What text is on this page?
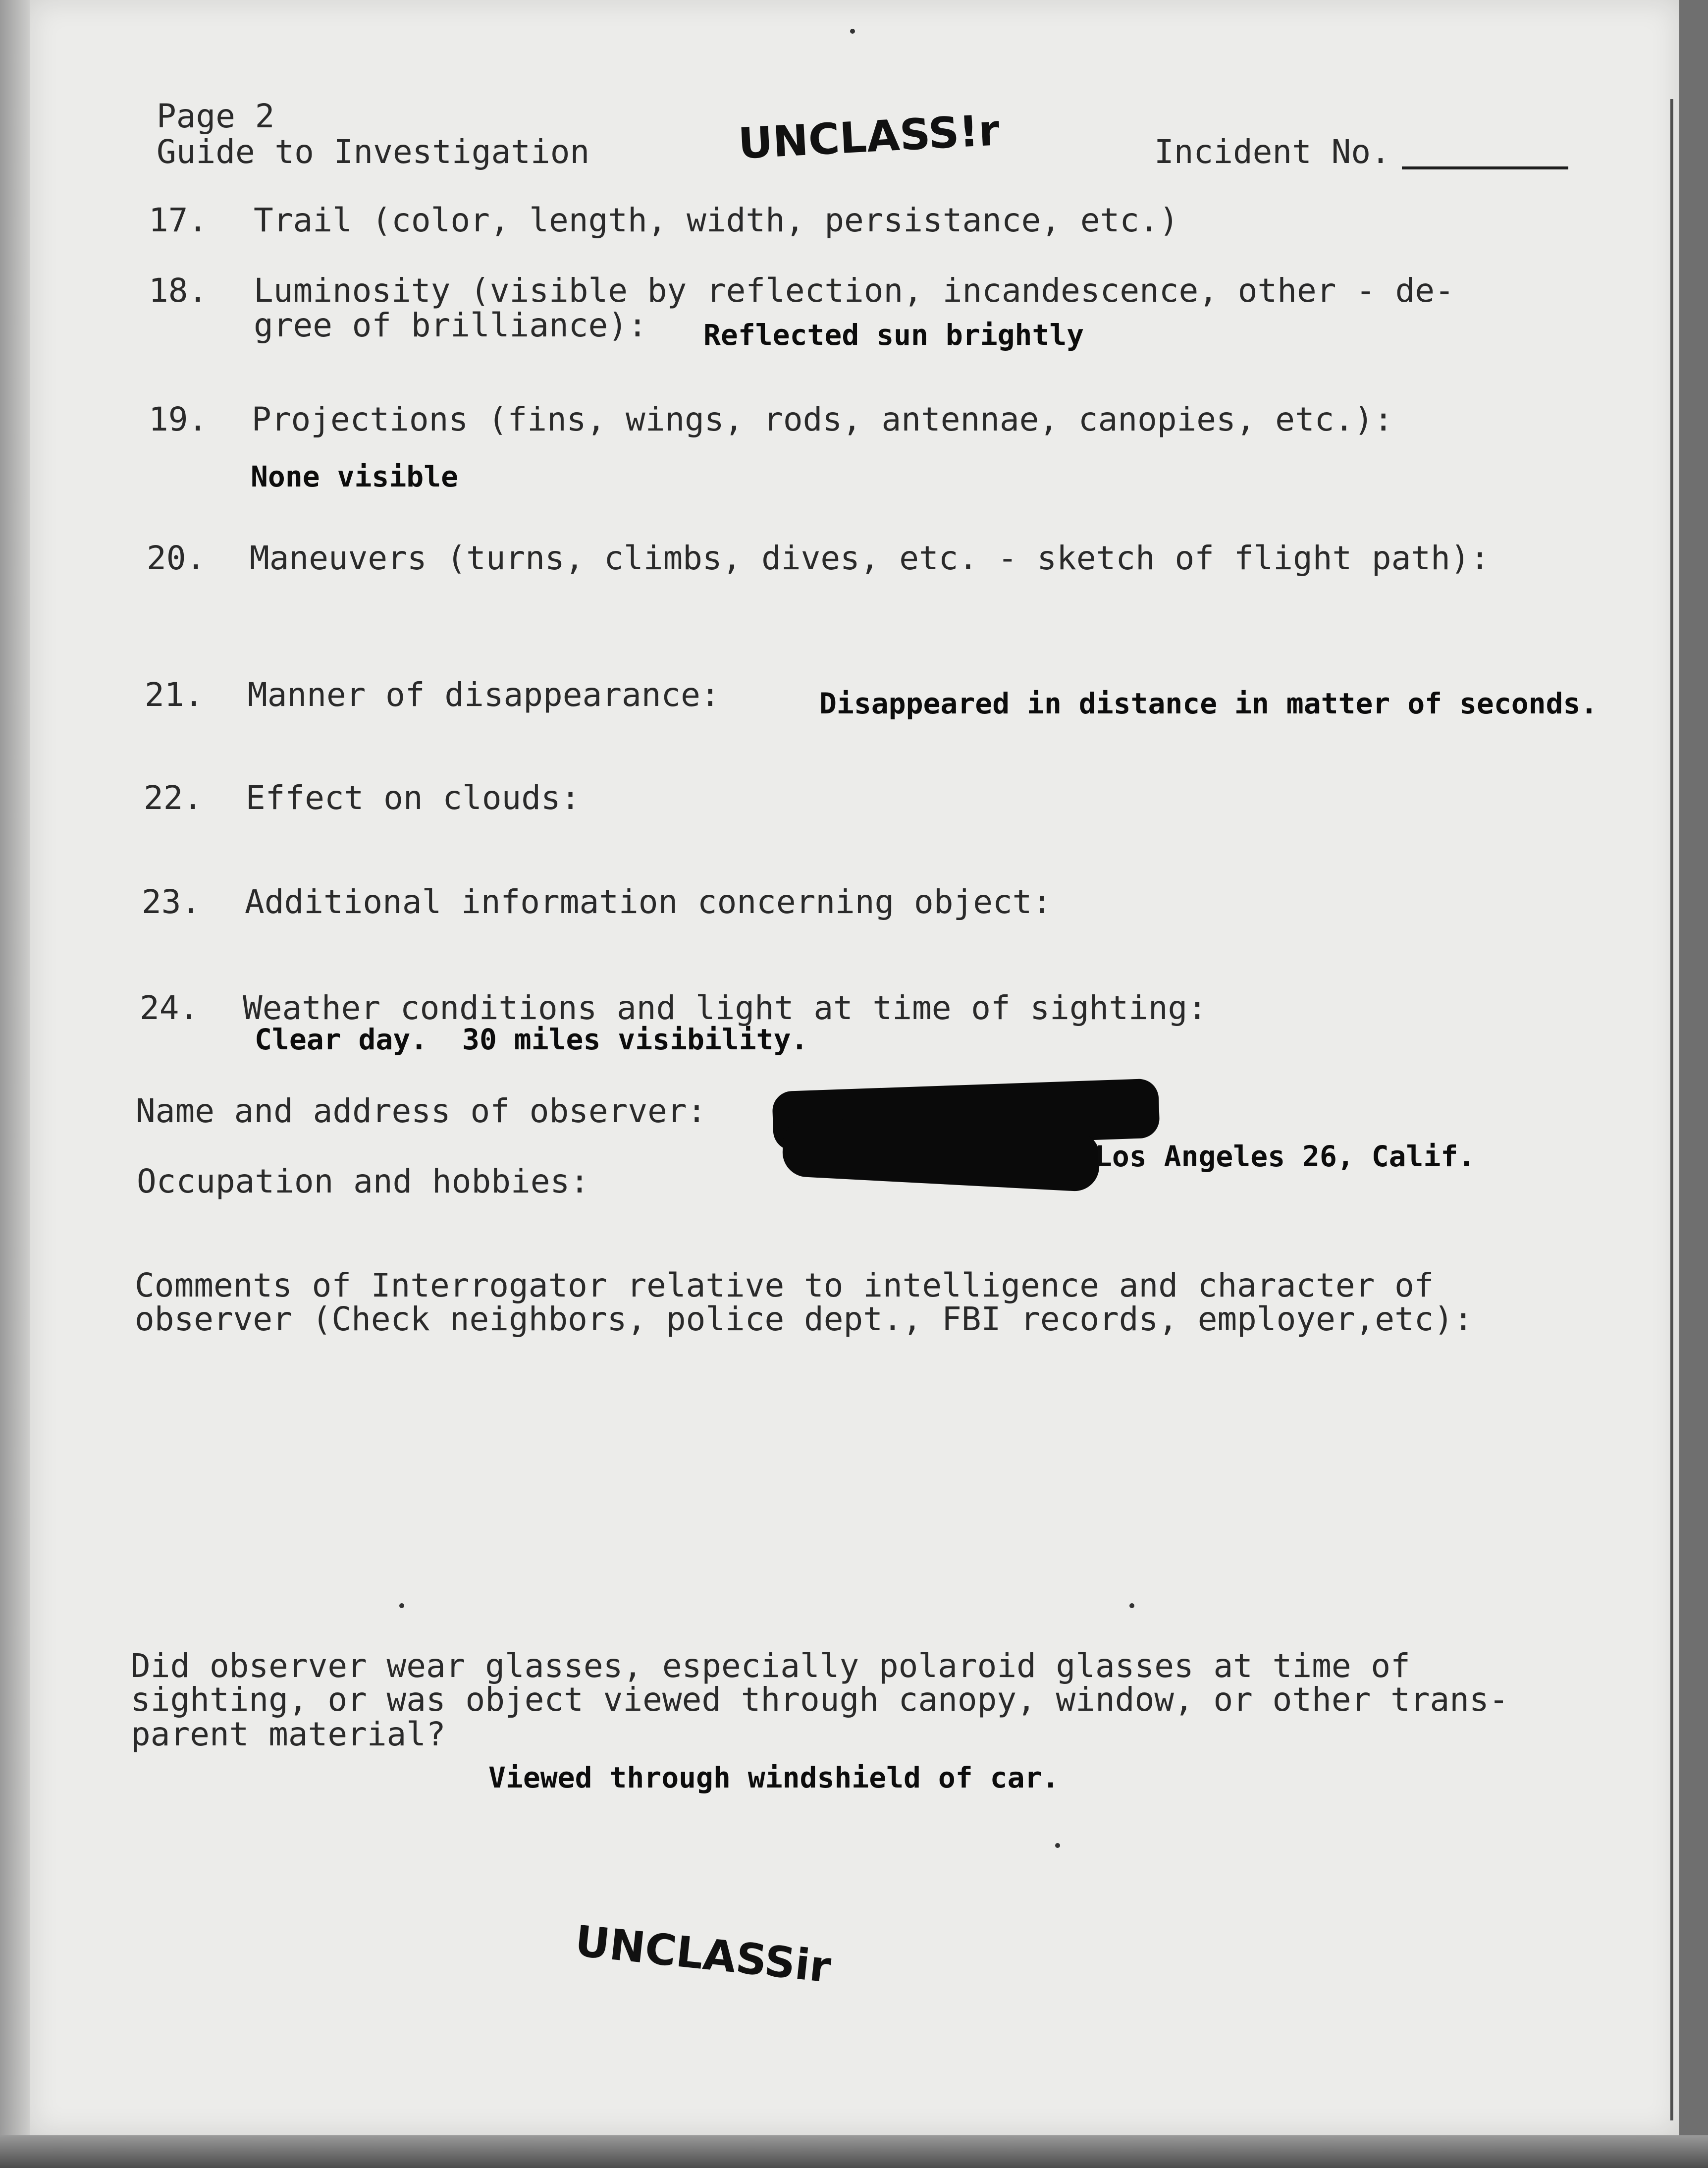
Page 2
Guide to Investigation	UNCLASS!r	Incident No.
17. Trail (color, length, width, persistance, etc.)
18. Luminosity (visible by reflection, incandescence, other - de-
gree of brilliance): Reflected sun brightly
19. Projections (fins, wings, rods, antennae, canopies, etc.):
None visible
20. Maneuvers (turns, climbs, dives, etc. - sketch of flight path):
21. Manner of disappearance:	Disappeared in distance in matter of seconds.
22. Effect on clouds:
23. Additional information concerning object:
24. Weather conditions and light at time of sighting:
Clear day.  30 miles visibility.
Name and address of observer:
Los Angeles 26, Calif.
Occupation and hobbies:
Comments of Interrogator relative to intelligence and character of
observer (Check neighbors, police dept., FBI records, employer,etc):
Did observer wear glasses, especially polaroid glasses at time of
sighting, or was object viewed through canopy, window, or other trans-
parent material?
Viewed through windshield of car.
UNCLASSir
